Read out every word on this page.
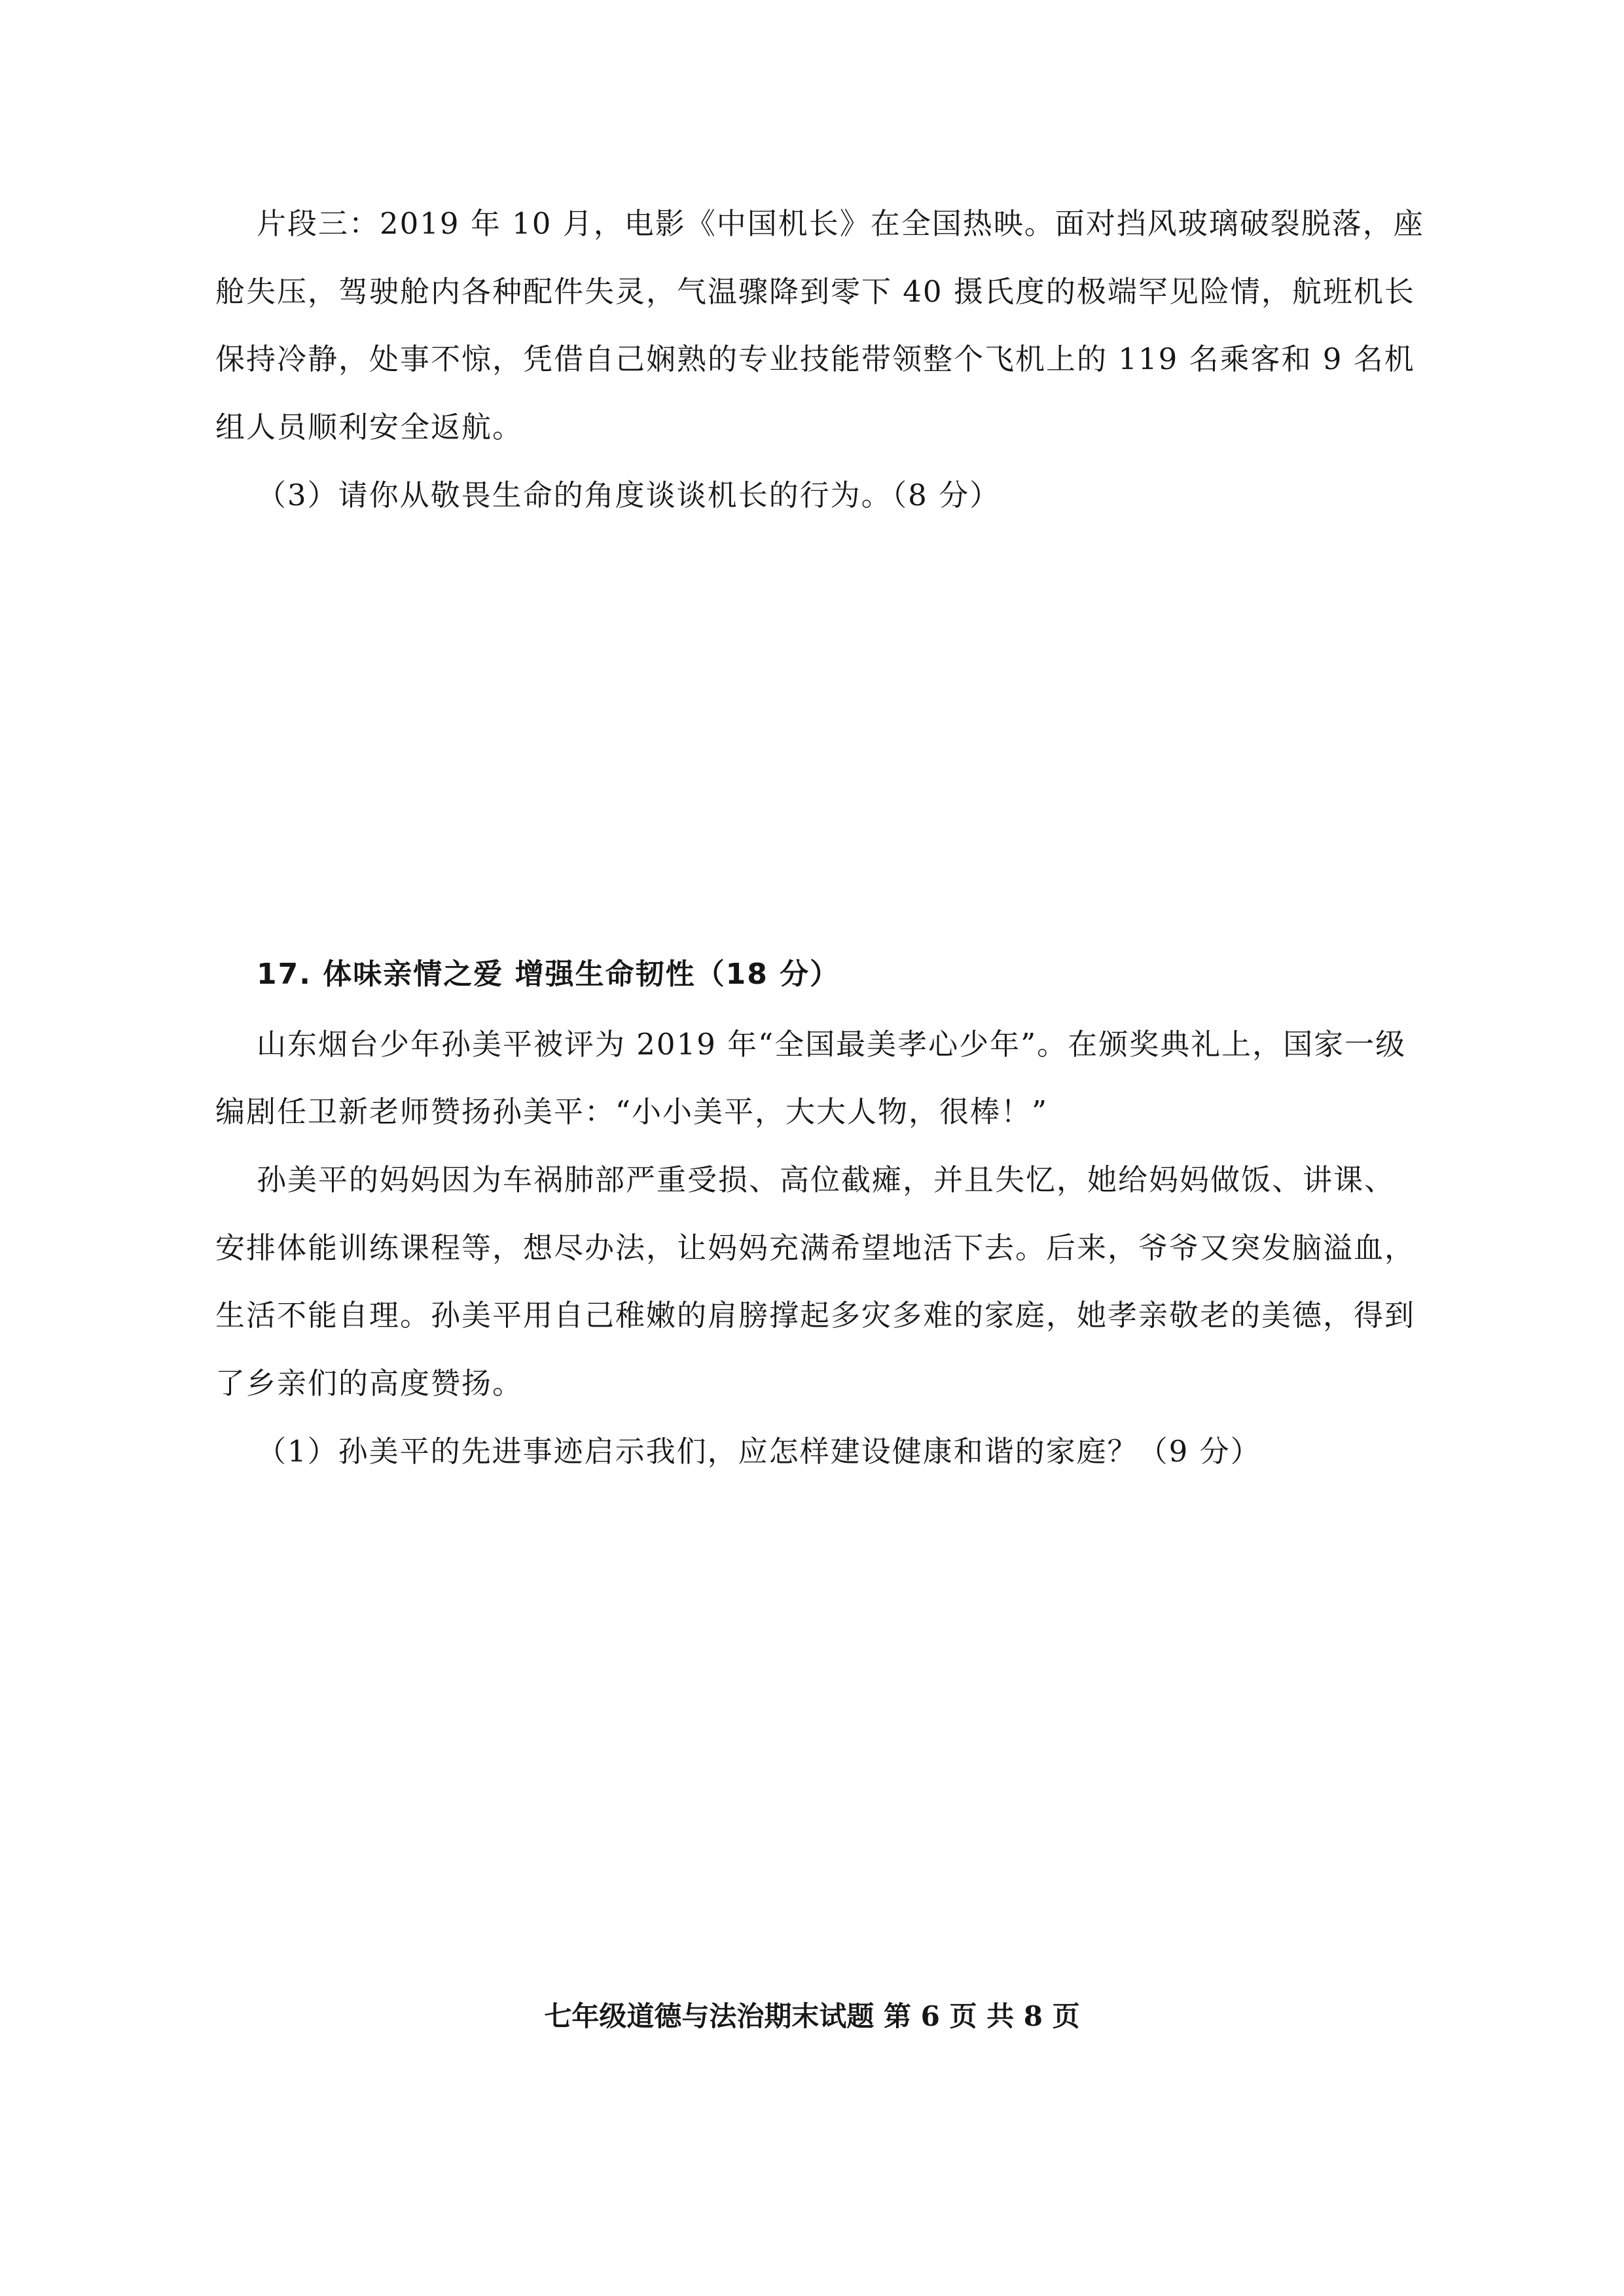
片段三：2019 年 10 月，电影《中国机长》在全国热映。面对挡风玻璃破裂脱落，座
舱失压，驾驶舱内各种配件失灵，气温骤降到零下 40 摄氏度的极端罕见险情，航班机长
保持冷静，处事不惊，凭借自己娴熟的专业技能带领整个飞机上的 119 名乘客和 9 名机
组人员顺利安全返航。
（3）请你从敬畏生命的角度谈谈机长的行为。（8 分）
17. 体味亲情之爱 增强生命韧性（18 分）
山东烟台少年孙美平被评为 2019 年“全国最美孝心少年”。在颁奖典礼上，国家一级
编剧任卫新老师赞扬孙美平：“小小美平，大大人物，很棒！”
孙美平的妈妈因为车祸肺部严重受损、高位截瘫，并且失忆，她给妈妈做饭、讲课、
安排体能训练课程等，想尽办法，让妈妈充满希望地活下去。后来，爷爷又突发脑溢血，
生活不能自理。孙美平用自己稚嫩的肩膀撑起多灾多难的家庭，她孝亲敬老的美德，得到
了乡亲们的高度赞扬。
（1）孙美平的先进事迹启示我们，应怎样建设健康和谐的家庭？（9 分）
七年级道德与法治期末试题 第 6 页 共 8 页
